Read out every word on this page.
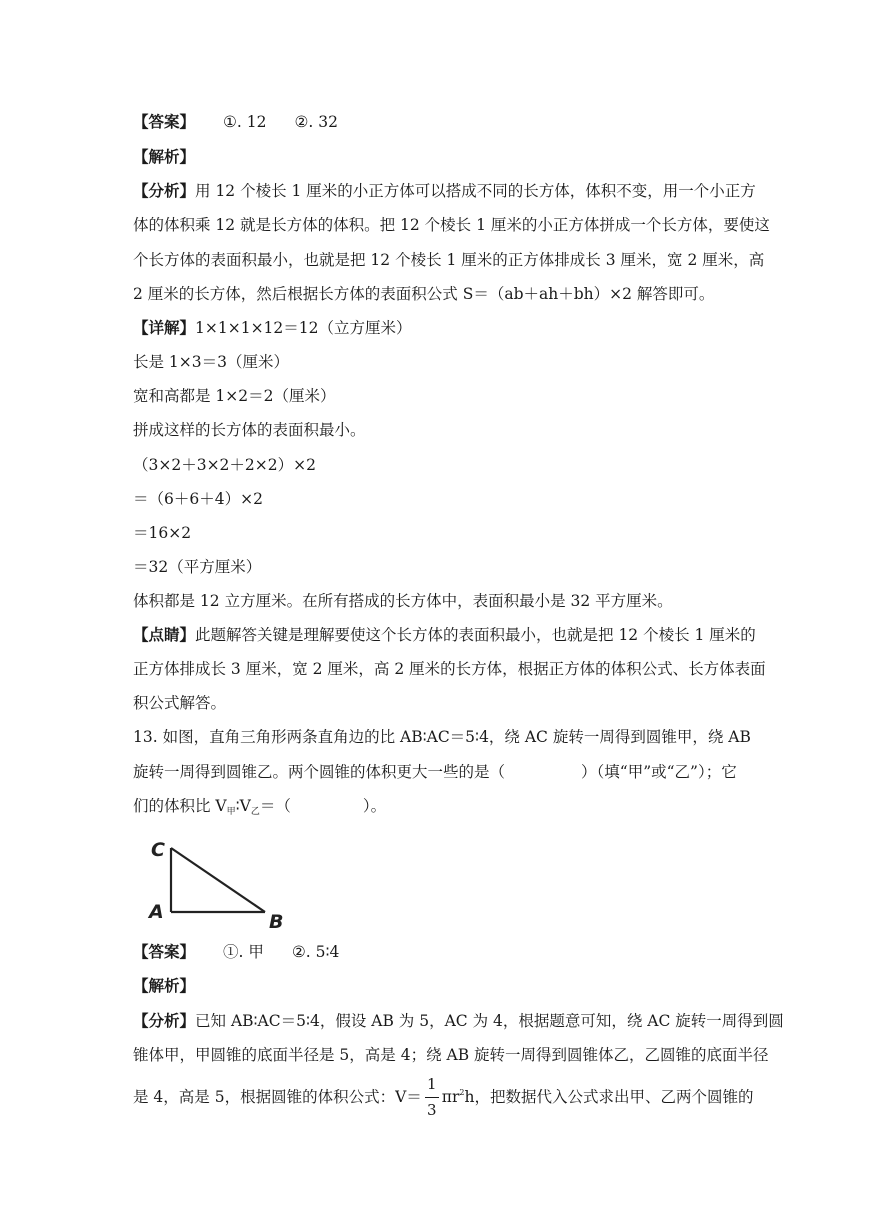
【答案】 ①. 12 ②. 32
【解析】
【分析】用 12 个棱长 1 厘米的小正方体可以搭成不同的长方体，体积不变，用一个小正方
体的体积乘 12 就是长方体的体积。把 12 个棱长 1 厘米的小正方体拼成一个长方体，要使这
个长方体的表面积最小，也就是把 12 个棱长 1 厘米的正方体排成长 3 厘米，宽 2 厘米，高
2 厘米的长方体，然后根据长方体的表面积公式 S＝（ab＋ah＋bh）×2 解答即可。
【详解】1×1×1×12＝12（立方厘米）
长是 1×3＝3（厘米）
宽和高都是 1×2＝2（厘米）
拼成这样的长方体的表面积最小。
（3×2＋3×2＋2×2）×2
＝（6＋6＋4）×2
＝16×2
＝32（平方厘米）
体积都是 12 立方厘米。在所有搭成的长方体中，表面积最小是 32 平方厘米。
【点睛】此题解答关键是理解要使这个长方体的表面积最小，也就是把 12 个棱长 1 厘米的
正方体排成长 3 厘米，宽 2 厘米，高 2 厘米的长方体，根据正方体的体积公式、长方体表面
积公式解答。
13. 如图，直角三角形两条直角边的比 AB∶AC＝5∶4，绕 AC 旋转一周得到圆锥甲，绕 AB
旋转一周得到圆锥乙。两个圆锥的体积更大一些的是（	）（填“甲”或“乙”）；它
们的体积比 $V_甲∶V_乙=$（	）。
C
A	B
【答案】 ①. 甲 ②. 5∶4
【解析】
【分析】已知 AB∶AC＝5∶4，假设 AB 为 5，AC 为 4，根据题意可知，绕 AC 旋转一周得到圆
锥体甲，甲圆锥的底面半径是 5，高是 4；绕 AB 旋转一周得到圆锥体乙，乙圆锥的底面半径
是 4，高是 5，根据圆锥的体积公式：$V= \frac{1}{3} \pi r^2h$，把数据代入公式求出甲、乙两个圆锥的
